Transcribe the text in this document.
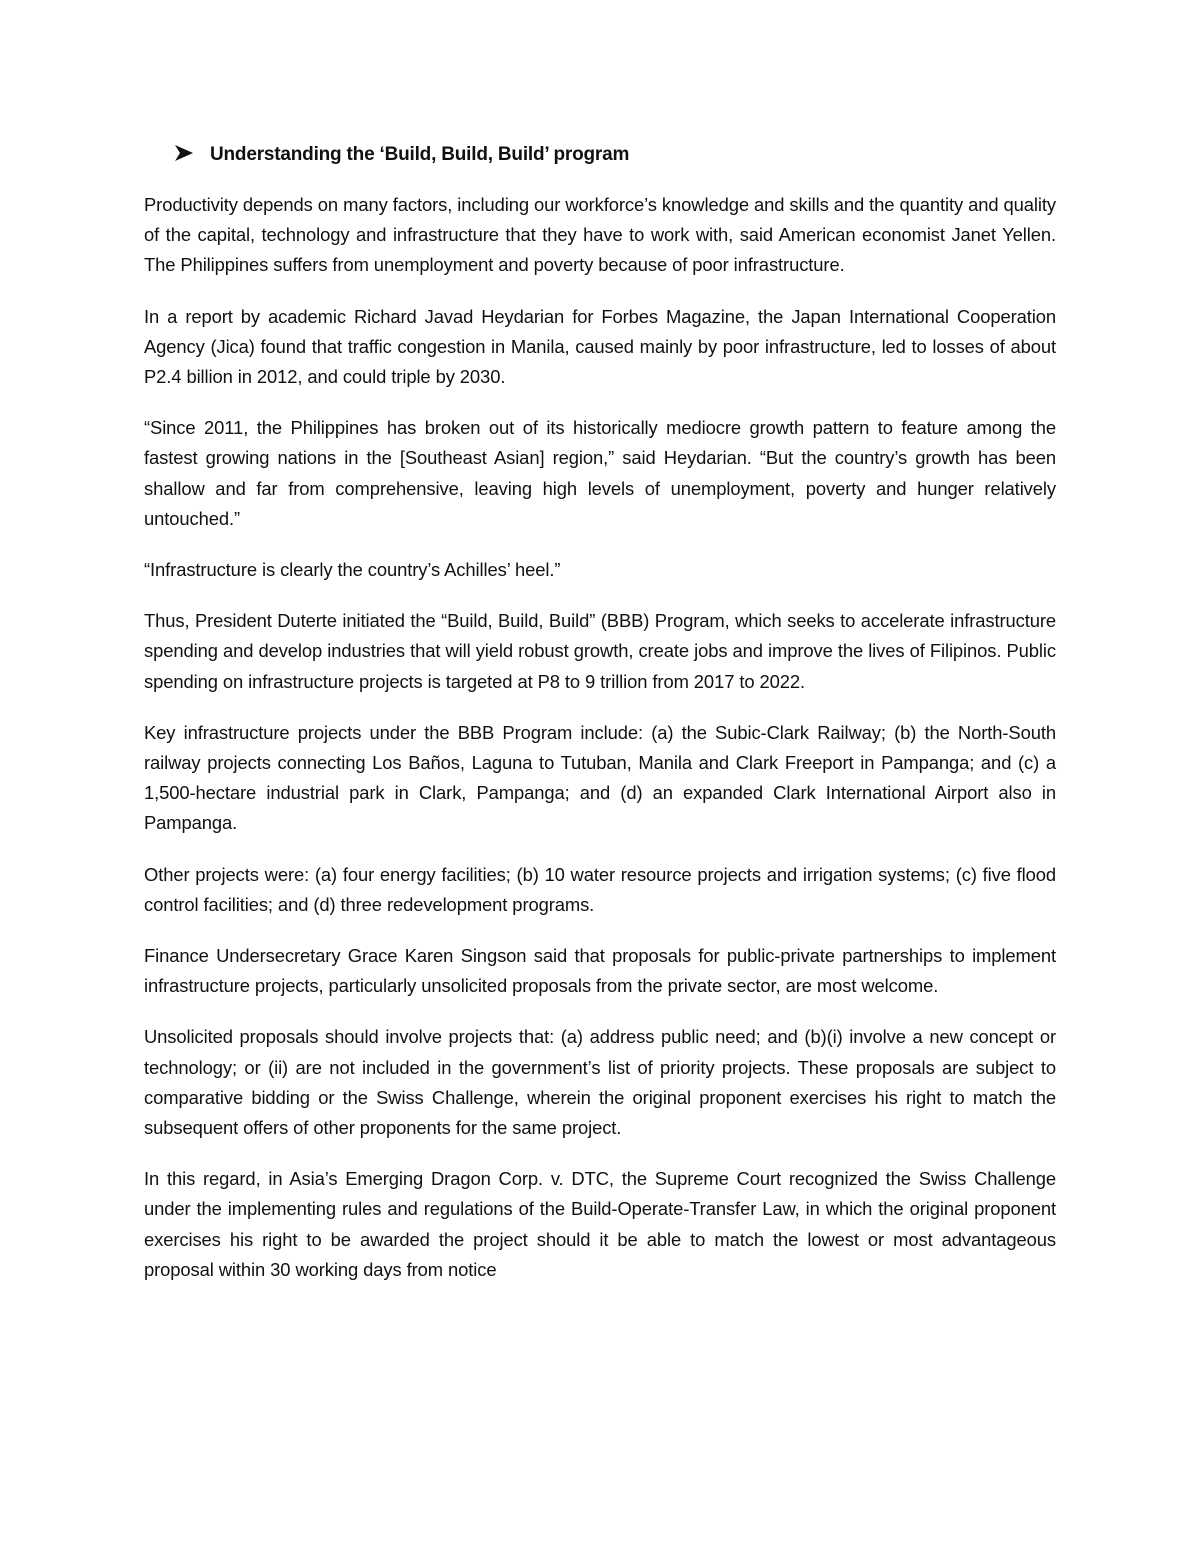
Understanding the ‘Build, Build, Build’ program

Productivity depends on many factors, including our workforce’s knowledge and skills and the quantity and quality of the capital, technology and infrastructure that they have to work with, said American economist Janet Yellen. The Philippines suffers from unemployment and poverty because of poor infrastructure.

In a report by academic Richard Javad Heydarian for Forbes Magazine, the Japan International Cooperation Agency (Jica) found that traffic congestion in Manila, caused mainly by poor infrastructure, led to losses of about P2.4 billion in 2012, and could triple by 2030.

“Since 2011, the Philippines has broken out of its historically mediocre growth pattern to feature among the fastest growing nations in the [Southeast Asian] region,” said Heydarian. “But the country’s growth has been shallow and far from comprehensive, leaving high levels of unemployment, poverty and hunger relatively untouched.”

“Infrastructure is clearly the country’s Achilles’ heel.”

Thus, President Duterte initiated the “Build, Build, Build” (BBB) Program, which seeks to accelerate infrastructure spending and develop industries that will yield robust growth, create jobs and improve the lives of Filipinos. Public spending on infrastructure projects is targeted at P8 to 9 trillion from 2017 to 2022.

Key infrastructure projects under the BBB Program include: (a) the Subic-Clark Railway; (b) the North-South railway projects connecting Los Baños, Laguna to Tutuban, Manila and Clark Freeport in Pampanga; and (c) a 1,500-hectare industrial park in Clark, Pampanga; and (d) an expanded Clark International Airport also in Pampanga.

Other projects were: (a) four energy facilities; (b) 10 water resource projects and irrigation systems; (c) five flood control facilities; and (d) three redevelopment programs.

Finance Undersecretary Grace Karen Singson said that proposals for public-private partnerships to implement infrastructure projects, particularly unsolicited proposals from the private sector, are most welcome.

Unsolicited proposals should involve projects that: (a) address public need; and (b)(i) involve a new concept or technology; or (ii) are not included in the government’s list of priority projects. These proposals are subject to comparative bidding or the Swiss Challenge, wherein the original proponent exercises his right to match the subsequent offers of other proponents for the same project.

In this regard, in Asia’s Emerging Dragon Corp. v. DTC, the Supreme Court recognized the Swiss Challenge under the implementing rules and regulations of the Build-Operate-Transfer Law, in which the original proponent exercises his right to be awarded the project should it be able to match the lowest or most advantageous proposal within 30 working days from notice
